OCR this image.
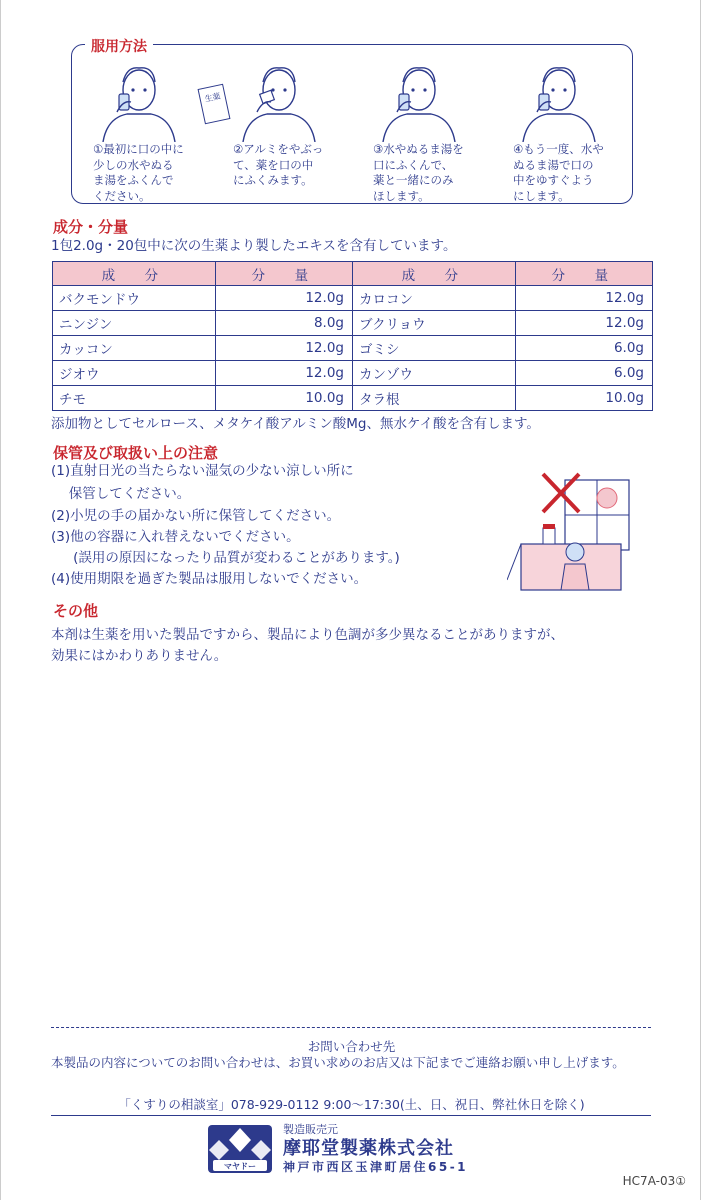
服用方法
①最初に口の中に
少しの水やぬる
ま湯をふくんで
ください。
生薬
②アルミをやぶっ
て、薬を口の中
にふくみます。
③水やぬるま湯を
口にふくんで、
薬と一緒にのみ
ほします。
④もう一度、水や
ぬるま湯で口の
中をゆすぐよう
にします。
成分・分量
1包2.0g・20包中に次の生薬より製したエキスを含有しています。
成　分	分　量	成　分	分　量
バクモンドウ	12.0g	カロコン	12.0g
ニンジン	8.0g	ブクリョウ	12.0g
カッコン	12.0g	ゴミシ	6.0g
ジオウ	12.0g	カンゾウ	6.0g
チモ	10.0g	タラ根	10.0g
添加物としてセルロース、メタケイ酸アルミン酸Mg、無水ケイ酸を含有します。
保管及び取扱い上の注意
(1)直射日光の当たらない湿気の少ない涼しい所に
　 保管してください。
(2)小児の手の届かない所に保管してください。
(3)他の容器に入れ替えないでください。
　  (誤用の原因になったり品質が変わることがあります。)
(4)使用期限を過ぎた製品は服用しないでください。
その他
本剤は生薬を用いた製品ですから、製品により色調が多少異なることがありますが、
効果にはかわりありません。
お問い合わせ先
本製品の内容についてのお問い合わせは、お買い求めのお店又は下記までご連絡お願い申し上げます。
「くすりの相談室」078-929-0112 9:00～17:30(土、日、祝日、弊社休日を除く)
マヤドー
製造販売元
摩耶堂製薬株式会社
神戸市西区玉津町居住65-1
HC7A-03①
